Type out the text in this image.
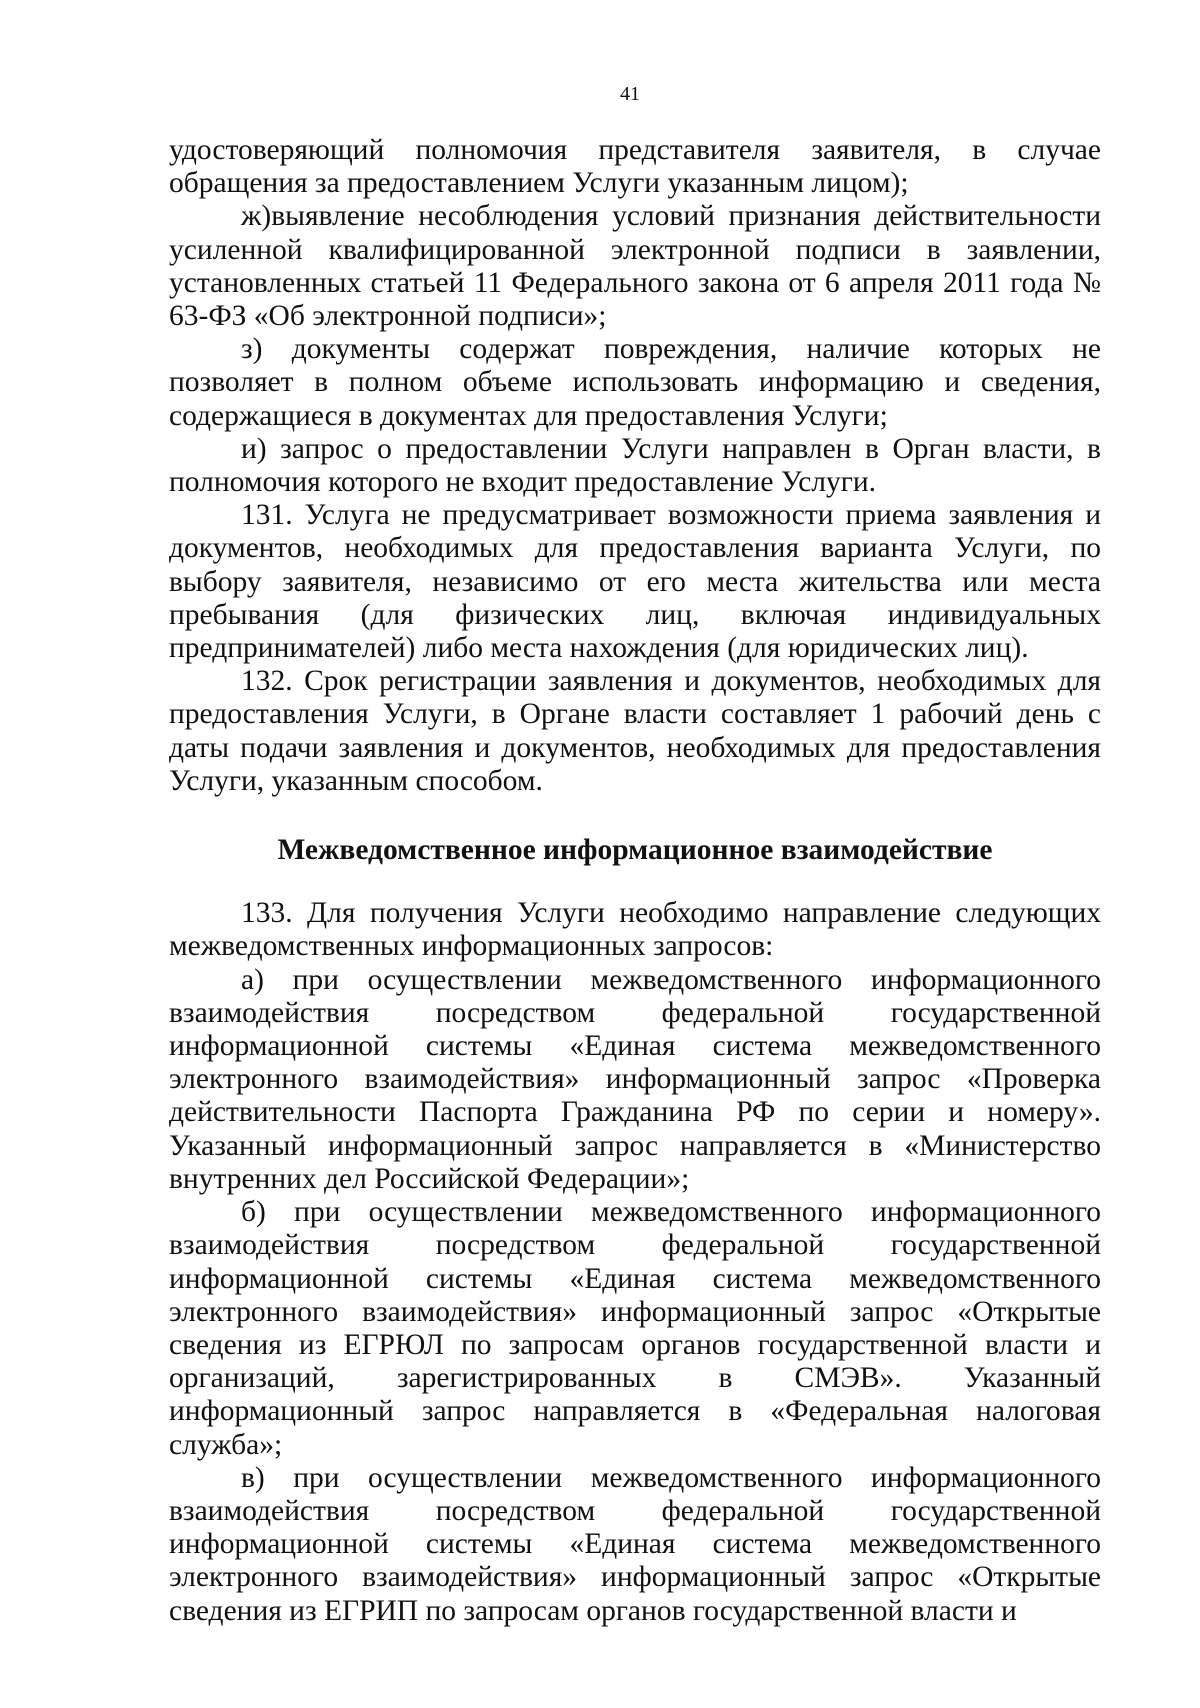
41

удостоверяющий полномочия представителя заявителя, в случае обращения за предоставлением Услуги указанным лицом);

ж)выявление несоблюдения условий признания действительности усиленной квалифицированной электронной подписи в заявлении, установленных статьей 11 Федерального закона от 6 апреля 2011 года № 63-ФЗ «Об электронной подписи»;

з) документы содержат повреждения, наличие которых не позволяет в полном объеме использовать информацию и сведения, содержащиеся в документах для предоставления Услуги;

и) запрос о предоставлении Услуги направлен в Орган власти, в полномочия которого не входит предоставление Услуги.

131. Услуга не предусматривает возможности приема заявления и документов, необходимых для предоставления варианта Услуги, по выбору заявителя, независимо от его места жительства или места пребывания (для физических лиц, включая индивидуальных предпринимателей) либо места нахождения (для юридических лиц).

132. Срок регистрации заявления и документов, необходимых для предоставления Услуги, в Органе власти составляет 1 рабочий день с даты подачи заявления и документов, необходимых для предоставления Услуги, указанным способом.

Межведомственное информационное взаимодействие

133. Для получения Услуги необходимо направление следующих межведомственных информационных запросов:

а) при осуществлении межведомственного информационного взаимодействия посредством федеральной государственной информационной системы «Единая система межведомственного электронного взаимодействия» информационный запрос «Проверка действительности Паспорта Гражданина РФ по серии и номеру». Указанный информационный запрос направляется в «Министерство внутренних дел Российской Федерации»;

б) при осуществлении межведомственного информационного взаимодействия посредством федеральной государственной информационной системы «Единая система межведомственного электронного взаимодействия» информационный запрос «Открытые сведения из ЕГРЮЛ по запросам органов государственной власти и организаций, зарегистрированных в СМЭВ». Указанный информационный запрос направляется в «Федеральная налоговая служба»;

в) при осуществлении межведомственного информационного взаимодействия посредством федеральной государственной информационной системы «Единая система межведомственного электронного взаимодействия» информационный запрос «Открытые сведения из ЕГРИП по запросам органов государственной власти и
